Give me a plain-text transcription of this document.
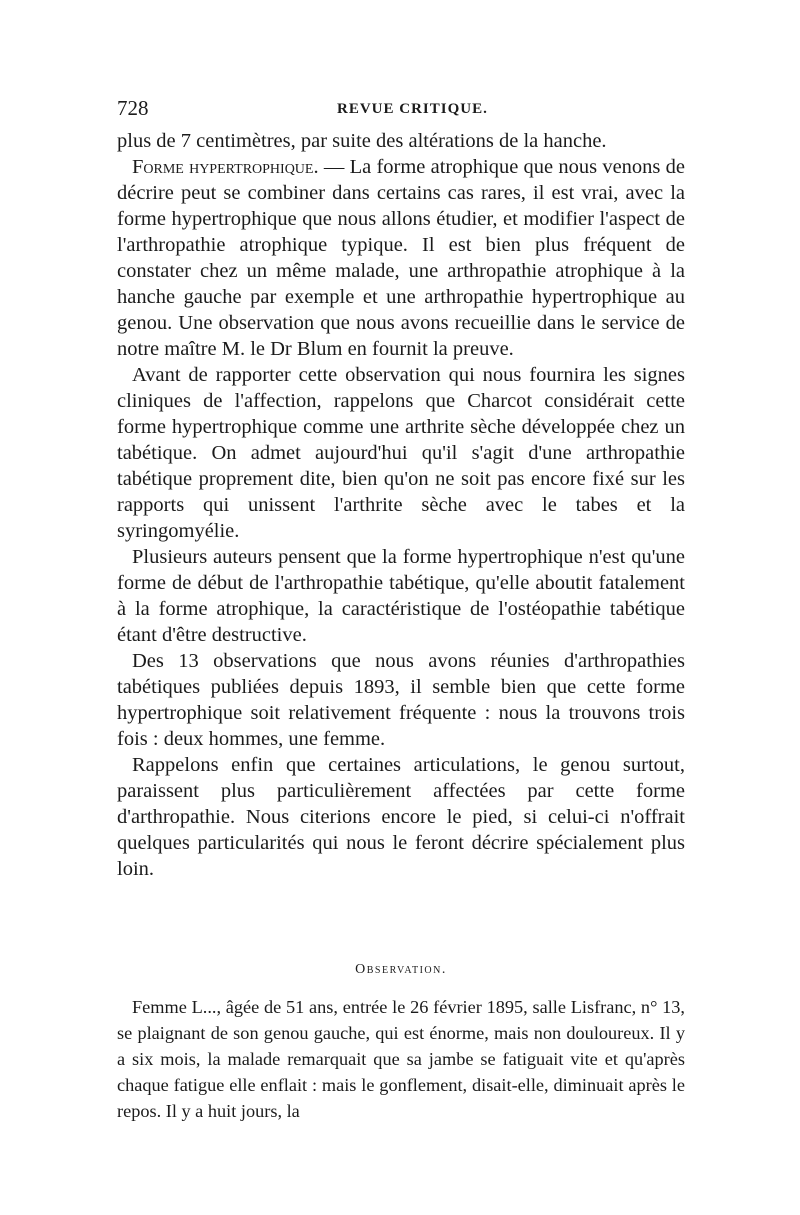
728	REVUE CRITIQUE.

plus de 7 centimètres, par suite des altérations de la hanche.

Forme hypertrophique. — La forme atrophique que nous venons de décrire peut se combiner dans certains cas rares, il est vrai, avec la forme hypertrophique que nous allons étudier, et modifier l'aspect de l'arthropathie atrophique typique. Il est bien plus fréquent de constater chez un même malade, une arthropathie atrophique à la hanche gauche par exemple et une arthropathie hypertrophique au genou. Une observation que nous avons recueillie dans le service de notre maître M. le Dr Blum en fournit la preuve.

Avant de rapporter cette observation qui nous fournira les signes cliniques de l'affection, rappelons que Charcot considérait cette forme hypertrophique comme une arthrite sèche développée chez un tabétique. On admet aujourd'hui qu'il s'agit d'une arthropathie tabétique proprement dite, bien qu'on ne soit pas encore fixé sur les rapports qui unissent l'arthrite sèche avec le tabes et la syringomyélie.

Plusieurs auteurs pensent que la forme hypertrophique n'est qu'une forme de début de l'arthropathie tabétique, qu'elle aboutit fatalement à la forme atrophique, la caractéristique de l'ostéopathie tabétique étant d'être destructive.

Des 13 observations que nous avons réunies d'arthropathies tabétiques publiées depuis 1893, il semble bien que cette forme hypertrophique soit relativement fréquente : nous la trouvons trois fois : deux hommes, une femme.

Rappelons enfin que certaines articulations, le genou surtout, paraissent plus particulièrement affectées par cette forme d'arthropathie. Nous citerions encore le pied, si celui-ci n'offrait quelques particularités qui nous le feront décrire spécialement plus loin.

Observation.

Femme L..., âgée de 51 ans, entrée le 26 février 1895, salle Lisfranc, n° 13, se plaignant de son genou gauche, qui est énorme, mais non douloureux. Il y a six mois, la malade remarquait que sa jambe se fatiguait vite et qu'après chaque fatigue elle enflait : mais le gonflement, disait-elle, diminuait après le repos. Il y a huit jours, la
